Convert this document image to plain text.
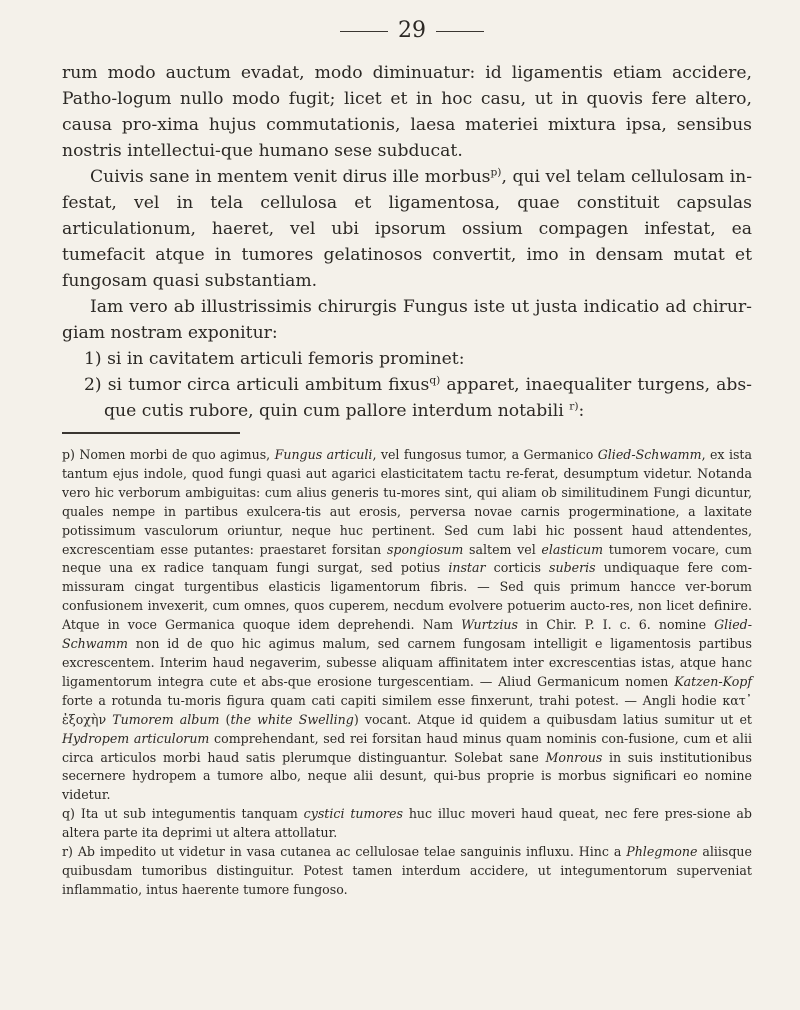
29

rum modo auctum evadat, modo diminuatur: id ligamentis etiam accidere, Patho-logum nullo modo fugit; licet et in hoc casu, ut in quovis fere altero, causa pro-xima hujus commutationis, laesa materiei mixtura ipsa, sensibus nostris intellectui-que humano sese subducat.

Cuivis sane in mentem venit dirus ille morbus$^{p)}$, qui vel telam cellulosam in-festat, vel in tela cellulosa et ligamentosa, quae constituit capsulas articulationum, haeret, vel ubi ipsorum ossium compagen infestat, ea tumefacit atque in tumores gelatinosos convertit, imo in densam mutat et fungosam quasi substantiam.

Iam vero ab illustrissimis chirurgis Fungus iste ut justa indicatio ad chirur-giam nostram exponitur:

1) si in cavitatem articuli femoris prominet:

2) si tumor circa articuli ambitum fixus$^{q)}$ apparet, inaequaliter turgens, abs-que cutis rubore, quin cum pallore interdum notabili $^{r)}$:

p) Nomen morbi de quo agimus, Fungus articuli, vel fungosus tumor, a Germanico Glied-Schwamm, ex ista tantum ejus indole, quod fungi quasi aut agarici elasticitatem tactu re-ferat, desumptum videtur. Notanda vero hic verborum ambiguitas: cum alius generis tu-mores sint, qui aliam ob similitudinem Fungi dicuntur, quales nempe in partibus exulcera-tis aut erosis, perversa novae carnis progerminatione, a laxitate potissimum vasculorum oriuntur, neque huc pertinent. Sed cum labi hic possent haud attendentes, excrescentiam esse putantes: praestaret forsitan spongiosum saltem vel elasticum tumorem vocare, cum neque una ex radice tanquam fungi surgat, sed potius instar corticis suberis undiquaque fere com-missuram cingat turgentibus elasticis ligamentorum fibris. — Sed quis primum hancce ver-borum confusionem invexerit, cum omnes, quos cuperem, necdum evolvere potuerim aucto-res, non licet definire. Atque in voce Germanica quoque idem deprehendi. Nam Wurtzius in Chir. P. I. c. 6. nomine Glied-Schwamm non id de quo hic agimus malum, sed carnem fungosam intelligit e ligamentosis partibus excrescentem. Interim haud negaverim, subesse aliquam affinitatem inter excrescentias istas, atque hanc ligamentorum integra cute et abs-que erosione turgescentiam. — Aliud Germanicum nomen Katzen-Kopf forte a rotunda tu-moris figura quam cati capiti similem esse finxerunt, trahi potest. — Angli hodie κατ᾿ ἐξοχὴν Tumorem album (the white Swelling) vocant. Atque id quidem a quibusdam latius sumitur ut et Hydropem articulorum comprehendant, sed rei forsitan haud minus quam nominis con-fusione, cum et alii circa articulos morbi haud satis plerumque distinguantur. Solebat sane Monrous in suis institutionibus secernere hydropem a tumore albo, neque alii desunt, qui-bus proprie is morbus significari eo nomine videtur.

q) Ita ut sub integumentis tanquam cystici tumores huc illuc moveri haud queat, nec fere pres-sione ab altera parte ita deprimi ut altera attollatur.

r) Ab impedito ut videtur in vasa cutanea ac cellulosae telae sanguinis influxu. Hinc a Phlegmone aliisque quibusdam tumoribus distinguitur. Potest tamen interdum accidere, ut integumentorum superveniat inflammatio, intus haerente tumore fungoso.
